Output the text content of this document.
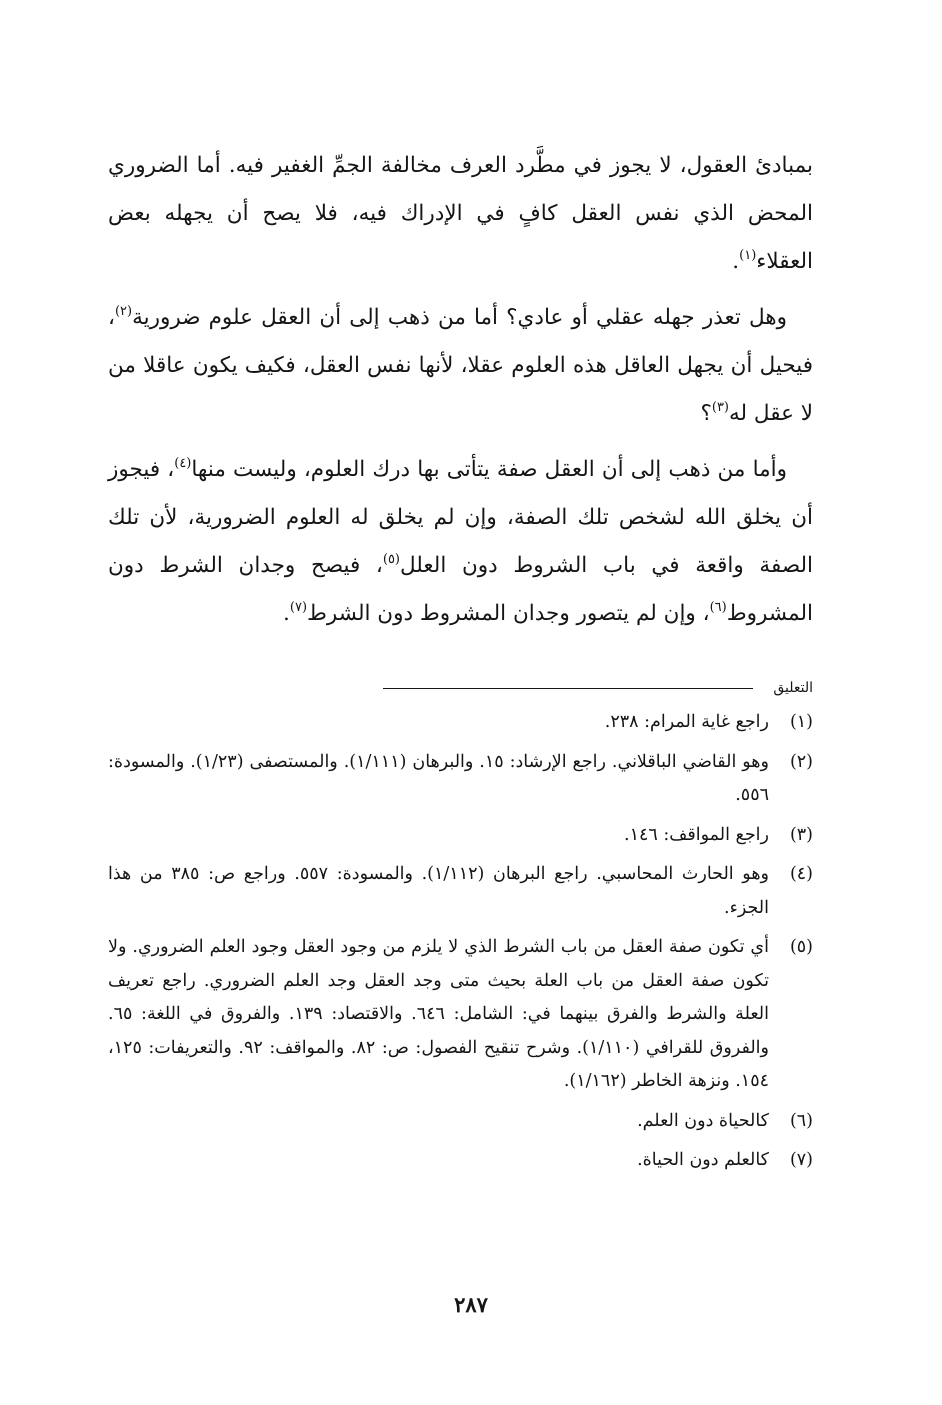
بمبادئ العقول، لا يجوز في مطَّرد العرف مخالفة الجمِّ الغفير فيه. أما الضروري المحض الذي نفس العقل كافٍ في الإدراك فيه، فلا يصح أن يجهله بعض العقلاء$^{(١)}$.

وهل تعذر جهله عقلي أو عادي؟ أما من ذهب إلى أن العقل علوم ضرورية$^{(٢)}$، فيحيل أن يجهل العاقل هذه العلوم عقلا، لأنها نفس العقل، فكيف يكون عاقلا من لا عقل له$^{(٣)}$؟

وأما من ذهب إلى أن العقل صفة يتأتى بها درك العلوم، وليست منها$^{(٤)}$، فيجوز أن يخلق الله لشخص تلك الصفة، وإن لم يخلق له العلوم الضرورية، لأن تلك الصفة واقعة في باب الشروط دون العلل$^{(٥)}$، فيصح وجدان الشرط دون المشروط$^{(٦)}$، وإن لم يتصور وجدان المشروط دون الشرط$^{(٧)}$.

التعليق
(١)
راجع غاية المرام: ٢٣٨.
(٢)
وهو القاضي الباقلاني. راجع الإرشاد: ١٥. والبرهان (١/١١١). والمستصفى (١/٢٣). والمسودة: ٥٥٦.
(٣)
راجع المواقف: ١٤٦.
(٤)
وهو الحارث المحاسبي. راجع البرهان (١/١١٢). والمسودة: ٥٥٧. وراجع ص: ٣٨٥ من هذا الجزء.
(٥)
أي تكون صفة العقل من باب الشرط الذي لا يلزم من وجود العقل وجود العلم الضروري. ولا تكون صفة العقل من باب العلة بحيث متى وجد العقل وجد العلم الضروري. راجع تعريف العلة والشرط والفرق بينهما في: الشامل: ٦٤٦. والاقتصاد: ١٣٩. والفروق في اللغة: ٦٥. والفروق للقرافي (١/١١٠). وشرح تنقيح الفصول: ص: ٨٢. والمواقف: ٩٢. والتعريفات: ١٢٥، ١٥٤. ونزهة الخاطر (١/١٦٢).
(٦)
كالحياة دون العلم.
(٧)
كالعلم دون الحياة.
٢٨٧
